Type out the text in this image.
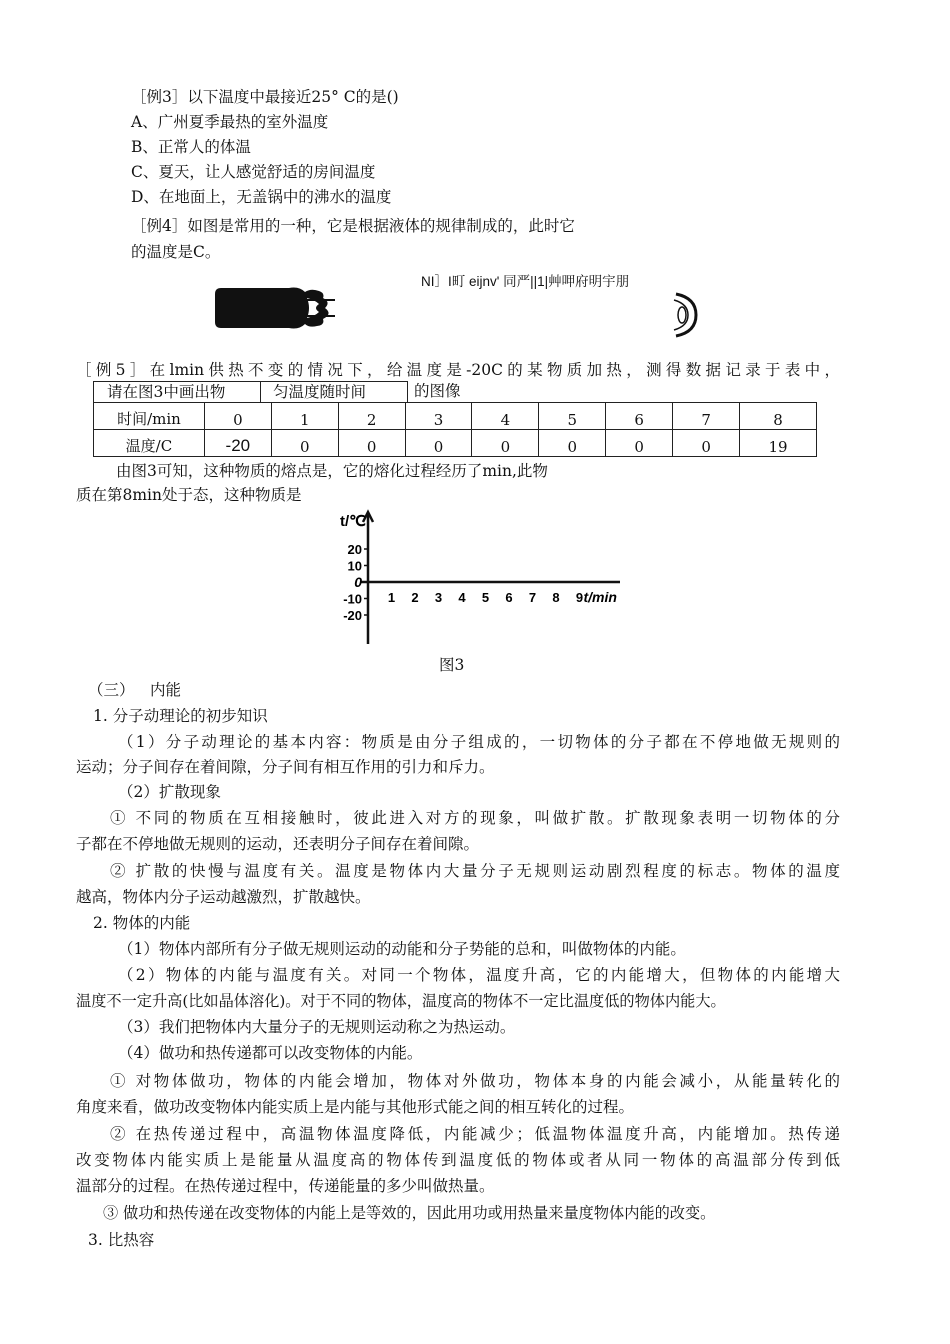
［例3］以下温度中最接近25° C的是()
A、广州夏季最热的室外温度
B、正常人的体温
C、夏天，让人感觉舒适的房间温度
D、在地面上，无盖锅中的沸水的温度
［例4］如图是常用的一种，它是根据液体的规律制成的，此时它
的温度是C。
NI］I町 eijnv' 同严||1|艸呷府明宇朋
［例5］在lmin供热不变的情况下，给温度是-20C的某物质加热，测得数据记录于表中，
请在图3中画出物	匀温度随时间	的图像
时间/min	0	1	2	3	4	5	6	7	8
温度/C	-20	0	0	0	0	0	0	0	19
由图3可知，这种物质的熔点是，它的熔化过程经历了min,此物
质在第8min处于态，这种物质是
20
10
0
-10
-20
1 2 3 4 5 6 7 8 9
t/℃
t/min
图3
（三） 内能
1. 分子动理论的初步知识
（1）分子动理论的基本内容：物质是由分子组成的，一切物体的分子都在不停地做无规则的
运动；分子间存在着间隙，分子间有相互作用的引力和斥力。
（2）扩散现象
① 不同的物质在互相接触时，彼此进入对方的现象，叫做扩散。扩散现象表明一切物体的分
子都在不停地做无规则的运动，还表明分子间存在着间隙。
② 扩散的快慢与温度有关。温度是物体内大量分子无规则运动剧烈程度的标志。物体的温度
越高，物体内分子运动越激烈，扩散越快。
2. 物体的内能
（1）物体内部所有分子做无规则运动的动能和分子势能的总和，叫做物体的内能。
（2）物体的内能与温度有关。对同一个物体，温度升高，它的内能增大，但物体的内能增大
温度不一定升高(比如晶体溶化)。对于不同的物体，温度高的物体不一定比温度低的物体内能大。
（3）我们把物体内大量分子的无规则运动称之为热运动。
（4）做功和热传递都可以改变物体的内能。
① 对物体做功，物体的内能会增加，物体对外做功，物体本身的内能会减小，从能量转化的
角度来看，做功改变物体内能实质上是内能与其他形式能之间的相互转化的过程。
② 在热传递过程中，高温物体温度降低，内能减少；低温物体温度升高，内能增加。热传递
改变物体内能实质上是能量从温度高的物体传到温度低的物体或者从同一物体的高温部分传到低
温部分的过程。在热传递过程中，传递能量的多少叫做热量。
③ 做功和热传递在改变物体的内能上是等效的，因此用功或用热量来量度物体内能的改变。
3. 比热容
